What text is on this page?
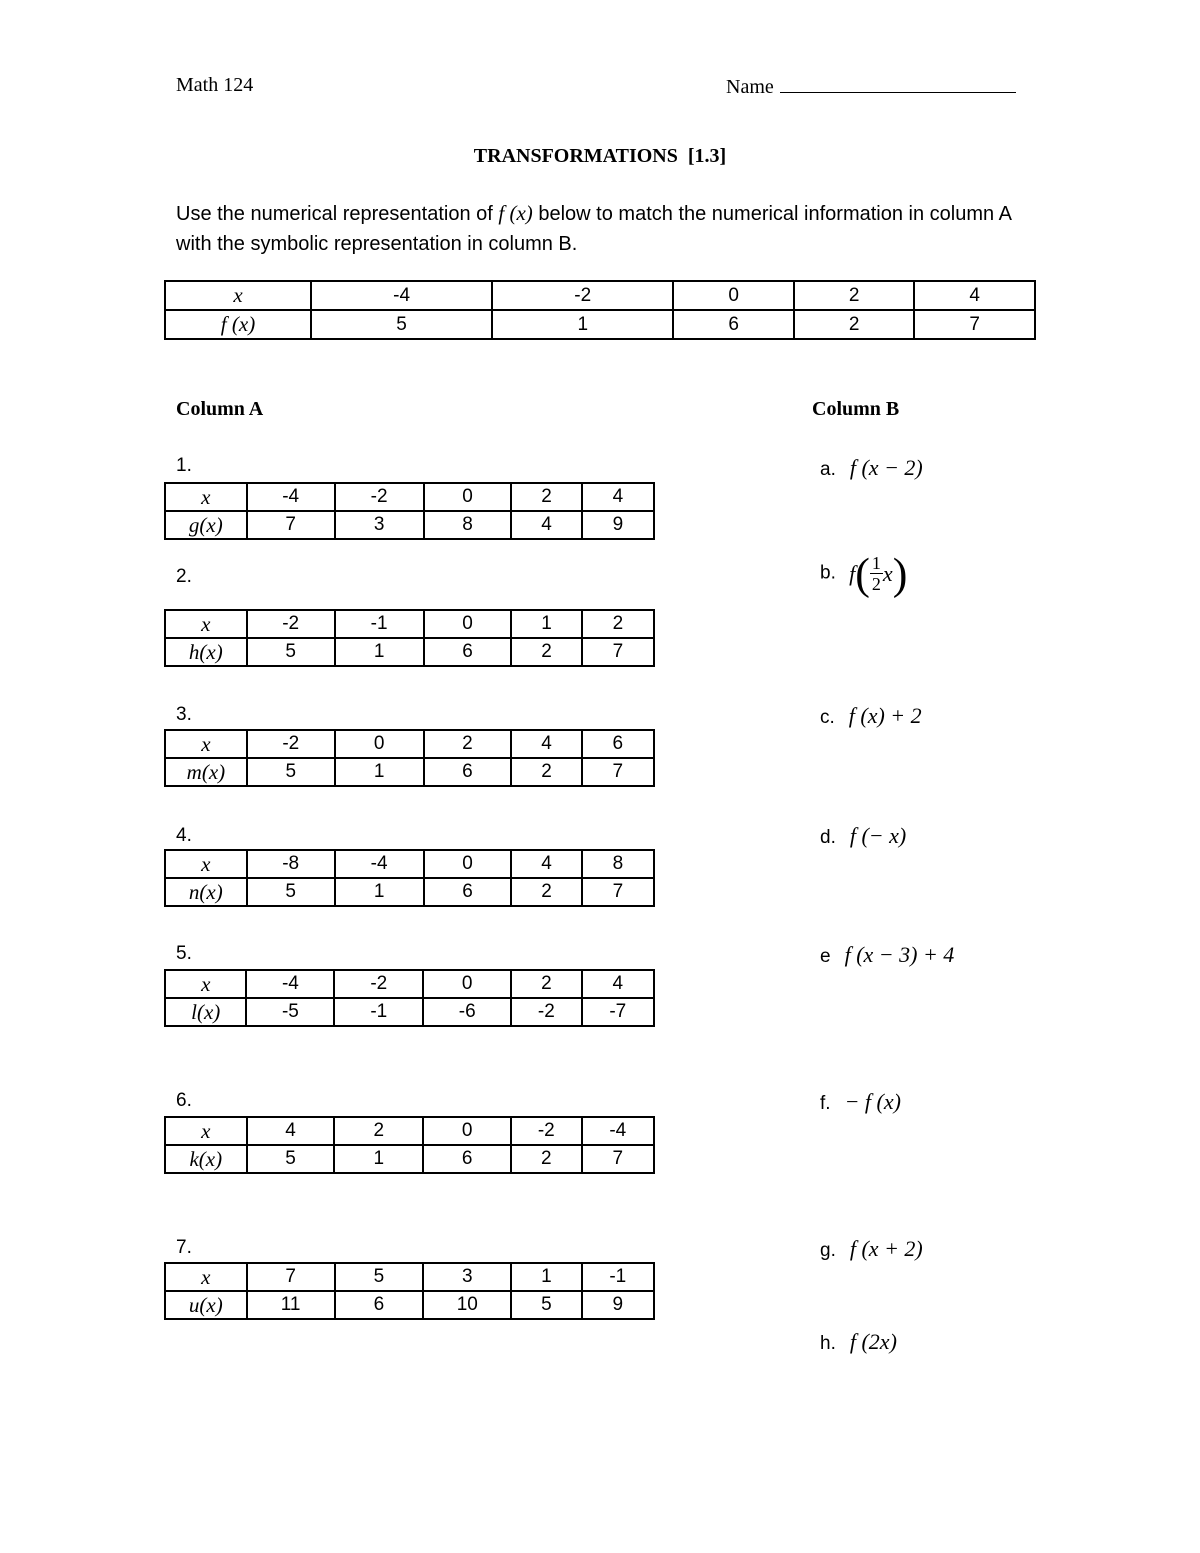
Math 124	Name
TRANSFORMATIONS  [1.3]
Use the numerical representation of f (x) below to match the numerical information in column A with the symbolic representation in column B.
x	-4	-2	0	2	4
f (x)	5	1	6	2	7
Column A	Column B
1.
x	-4	-2	0	2	4
g(x)	7	3	8	4	9
2.
x	-2	-1	0	1	2
h(x)	5	1	6	2	7
3.
x	-2	0	2	4	6
m(x)	5	1	6	2	7
4.
x	-8	-4	0	4	8
n(x)	5	1	6	2	7
5.
x	-4	-2	0	2	4
l(x)	-5	-1	-6	-2	-7
6.
x	4	2	0	-2	-4
k(x)	5	1	6	2	7
7.
x	7	5	3	1	-1
u(x)	11	6	10	5	9
a. f (x − 2)
b. $f( \frac{1}{2} x)$
c. f (x) + 2
d. f (− x)
e f (x − 3) + 4
f. − f (x)
g. f (x + 2)
h. f (2x)
